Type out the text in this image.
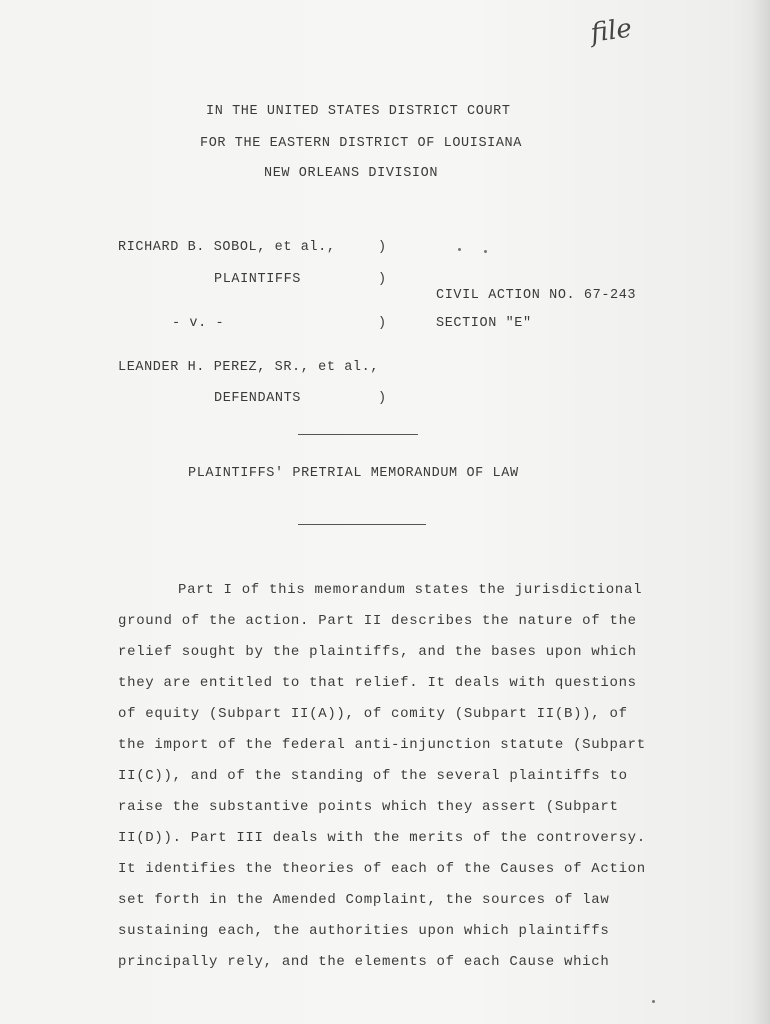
file
IN THE UNITED STATES DISTRICT COURT
FOR THE EASTERN DISTRICT OF LOUISIANA
NEW ORLEANS DIVISION
RICHARD B. SOBOL, et al.,	)
PLAINTIFFS	)
CIVIL ACTION NO. 67-243
- v. -	)	SECTION "E"
LEANDER H. PEREZ, SR., et al.,
DEFENDANTS	)
PLAINTIFFS' PRETRIAL MEMORANDUM OF LAW
Part I of this memorandum states the jurisdictional
ground of the action. Part II describes the nature of the
relief sought by the plaintiffs, and the bases upon which
they are entitled to that relief. It deals with questions
of equity (Subpart II(A)), of comity (Subpart II(B)), of
the import of the federal anti-injunction statute (Subpart
II(C)), and of the standing of the several plaintiffs to
raise the substantive points which they assert (Subpart
II(D)). Part III deals with the merits of the controversy.
It identifies the theories of each of the Causes of Action
set forth in the Amended Complaint, the sources of law
sustaining each, the authorities upon which plaintiffs
principally rely, and the elements of each Cause which
